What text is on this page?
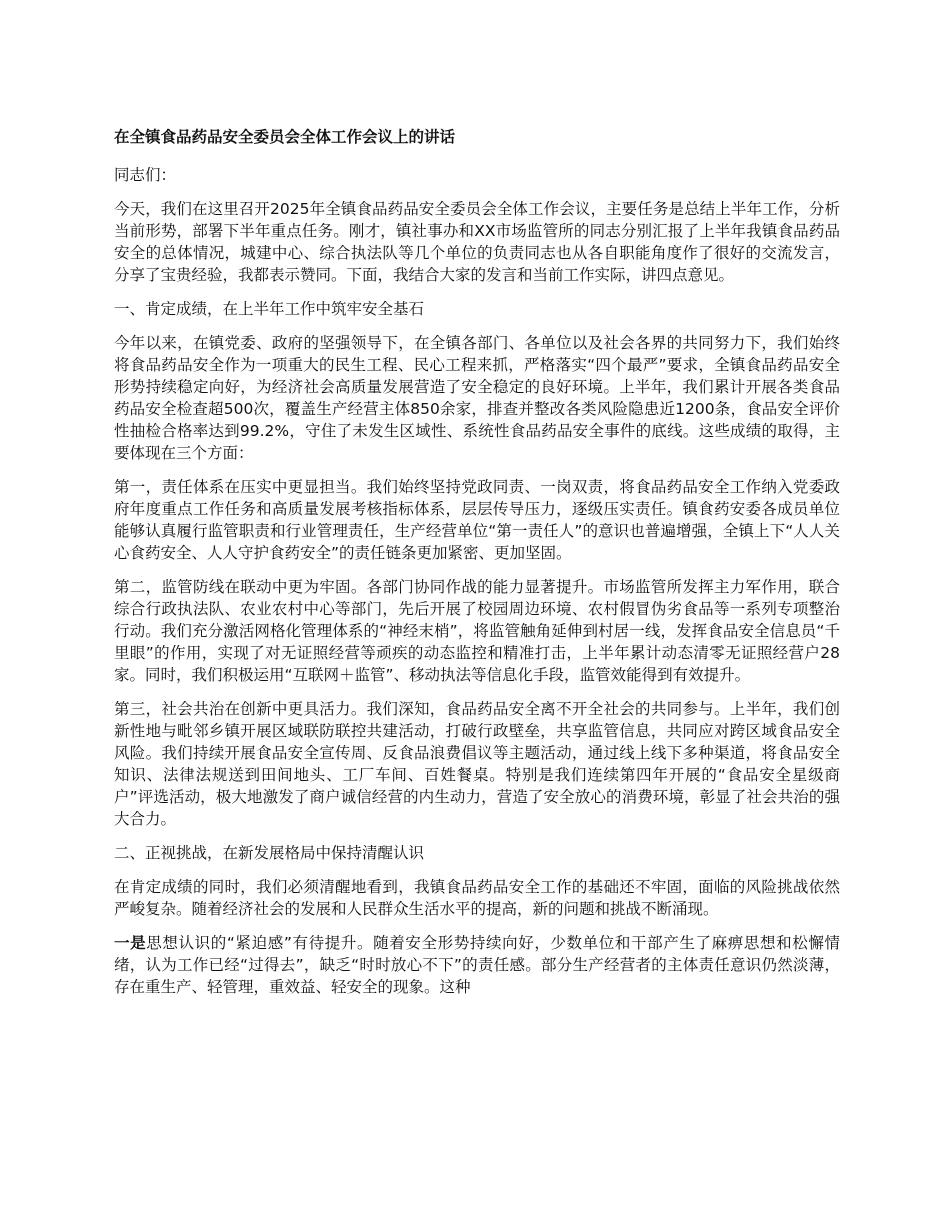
在全镇食品药品安全委员会全体工作会议上的讲话

同志们：

今天，我们在这里召开2025年全镇食品药品安全委员会全体工作会议，主要任务是总结上半年工作，分析当前形势，部署下半年重点任务。刚才，镇社事办和XX市场监管所的同志分别汇报了上半年我镇食品药品安全的总体情况，城建中心、综合执法队等几个单位的负责同志也从各自职能角度作了很好的交流发言，分享了宝贵经验，我都表示赞同。下面，我结合大家的发言和当前工作实际，讲四点意见。

一、肯定成绩，在上半年工作中筑牢安全基石

今年以来，在镇党委、政府的坚强领导下，在全镇各部门、各单位以及社会各界的共同努力下，我们始终将食品药品安全作为一项重大的民生工程、民心工程来抓，严格落实“四个最严”要求，全镇食品药品安全形势持续稳定向好，为经济社会高质量发展营造了安全稳定的良好环境。上半年，我们累计开展各类食品药品安全检查超500次，覆盖生产经营主体850余家，排查并整改各类风险隐患近1200条，食品安全评价性抽检合格率达到99.2%，守住了未发生区域性、系统性食品药品安全事件的底线。这些成绩的取得，主要体现在三个方面：

第一，责任体系在压实中更显担当。我们始终坚持党政同责、一岗双责，将食品药品安全工作纳入党委政府年度重点工作任务和高质量发展考核指标体系，层层传导压力，逐级压实责任。镇食药安委各成员单位能够认真履行监管职责和行业管理责任，生产经营单位“第一责任人”的意识也普遍增强，全镇上下“人人关心食药安全、人人守护食药安全”的责任链条更加紧密、更加坚固。

第二，监管防线在联动中更为牢固。各部门协同作战的能力显著提升。市场监管所发挥主力军作用，联合综合行政执法队、农业农村中心等部门，先后开展了校园周边环境、农村假冒伪劣食品等一系列专项整治行动。我们充分激活网格化管理体系的“神经末梢”，将监管触角延伸到村居一线，发挥食品安全信息员“千里眼”的作用，实现了对无证照经营等顽疾的动态监控和精准打击，上半年累计动态清零无证照经营户28家。同时，我们积极运用“互联网＋监管”、移动执法等信息化手段，监管效能得到有效提升。

第三，社会共治在创新中更具活力。我们深知，食品药品安全离不开全社会的共同参与。上半年，我们创新性地与毗邻乡镇开展区域联防联控共建活动，打破行政壁垒，共享监管信息，共同应对跨区域食品安全风险。我们持续开展食品安全宣传周、反食品浪费倡议等主题活动，通过线上线下多种渠道，将食品安全知识、法律法规送到田间地头、工厂车间、百姓餐桌。特别是我们连续第四年开展的“食品安全星级商户”评选活动，极大地激发了商户诚信经营的内生动力，营造了安全放心的消费环境，彰显了社会共治的强大合力。

二、正视挑战，在新发展格局中保持清醒认识

在肯定成绩的同时，我们必须清醒地看到，我镇食品药品安全工作的基础还不牢固，面临的风险挑战依然严峻复杂。随着经济社会的发展和人民群众生活水平的提高，新的问题和挑战不断涌现。

一是思想认识的“紧迫感”有待提升。随着安全形势持续向好，少数单位和干部产生了麻痹思想和松懈情绪，认为工作已经“过得去”，缺乏“时时放心不下”的责任感。部分生产经营者的主体责任意识仍然淡薄，存在重生产、轻管理，重效益、轻安全的现象。这种
